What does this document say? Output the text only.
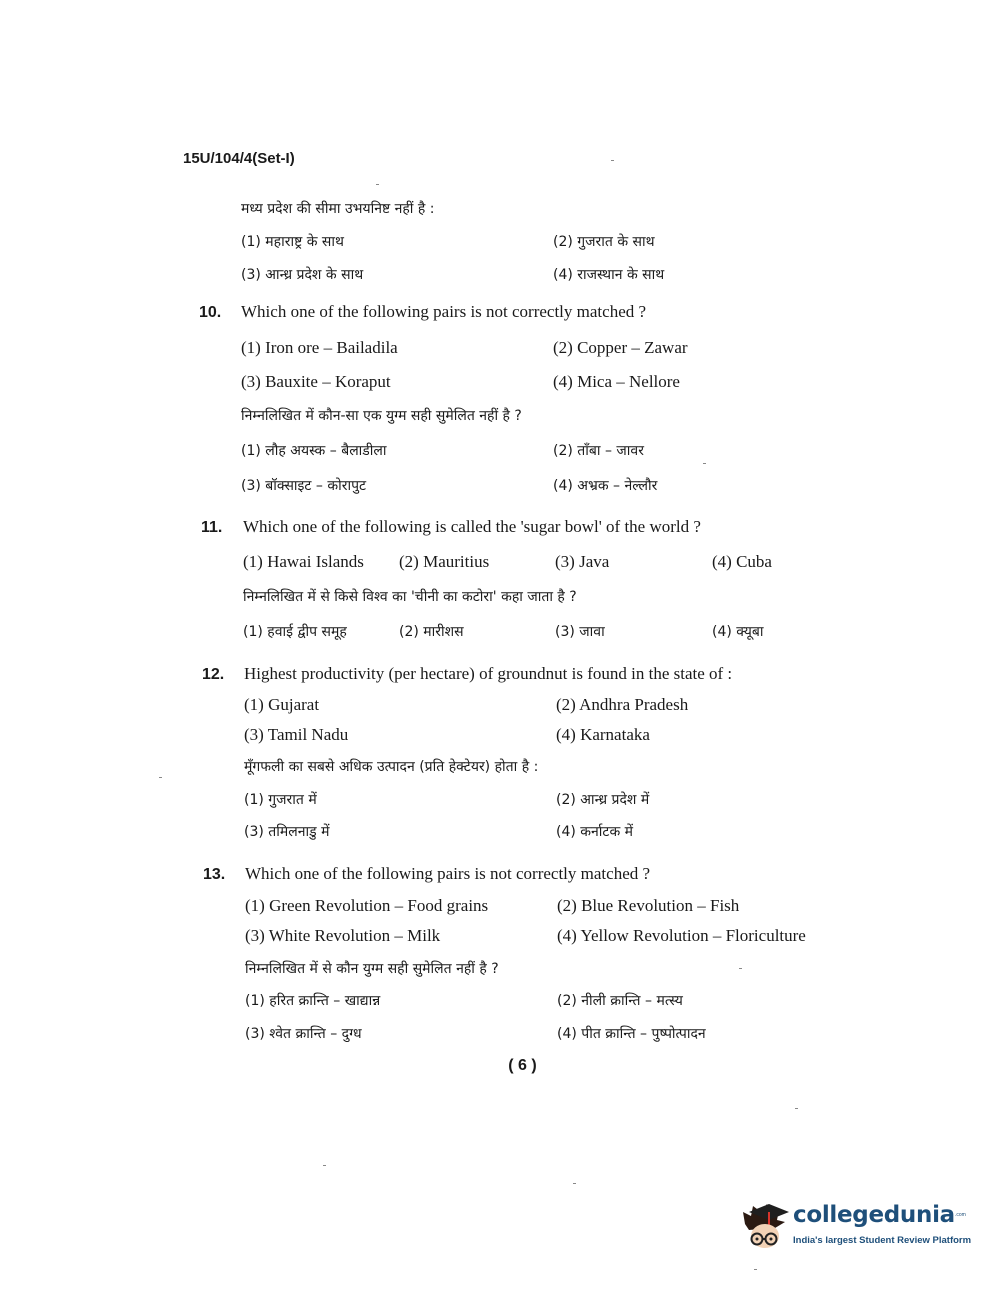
15U/104/4(Set-I)
मध्य प्रदेश की सीमा उभयनिष्ट नहीं है :
(1) महाराष्ट्र के साथ	(2) गुजरात के साथ
(3) आन्ध्र प्रदेश के साथ	(4) राजस्थान के साथ
10. Which one of the following pairs is not correctly matched ?
(1) Iron ore – Bailadila	(2) Copper – Zawar
(3) Bauxite – Koraput	(4) Mica – Nellore
निम्नलिखित में कौन-सा एक युग्म सही सुमेलित नहीं है ?
(1) लौह अयस्क – बैलाडीला	(2) ताँबा – जावर
(3) बॉक्साइट – कोरापुट	(4) अभ्रक – नेल्लौर
11. Which one of the following is called the 'sugar bowl' of the world ?
(1) Hawai Islands (2) Mauritius	(3) Java	(4) Cuba
निम्नलिखित में से किसे विश्व का 'चीनी का कटोरा' कहा जाता है ?
(1) हवाई द्वीप समूह	(2) मारीशस	(3) जावा	(4) क्यूबा
12. Highest productivity (per hectare) of groundnut is found in the state of :
(1) Gujarat	(2) Andhra Pradesh
(3) Tamil Nadu	(4) Karnataka
मूँगफली का सबसे अधिक उत्पादन (प्रति हेक्टेयर) होता है :
(1) गुजरात में	(2) आन्ध्र प्रदेश में
(3) तमिलनाडु में	(4) कर्नाटक में
13. Which one of the following pairs is not correctly matched ?
(1) Green Revolution – Food grains	(2) Blue Revolution – Fish
(3) White Revolution – Milk	(4) Yellow Revolution – Floriculture
निम्नलिखित में से कौन युग्म सही सुमेलित नहीं है ?
(1) हरित क्रान्ति – खाद्यान्न	(2) नीली क्रान्ति – मत्स्य
(3) श्वेत क्रान्ति – दुग्ध	(4) पीत क्रान्ति – पुष्पोत्पादन
( 6 )
collegedunia .com
India's largest Student Review Platform
